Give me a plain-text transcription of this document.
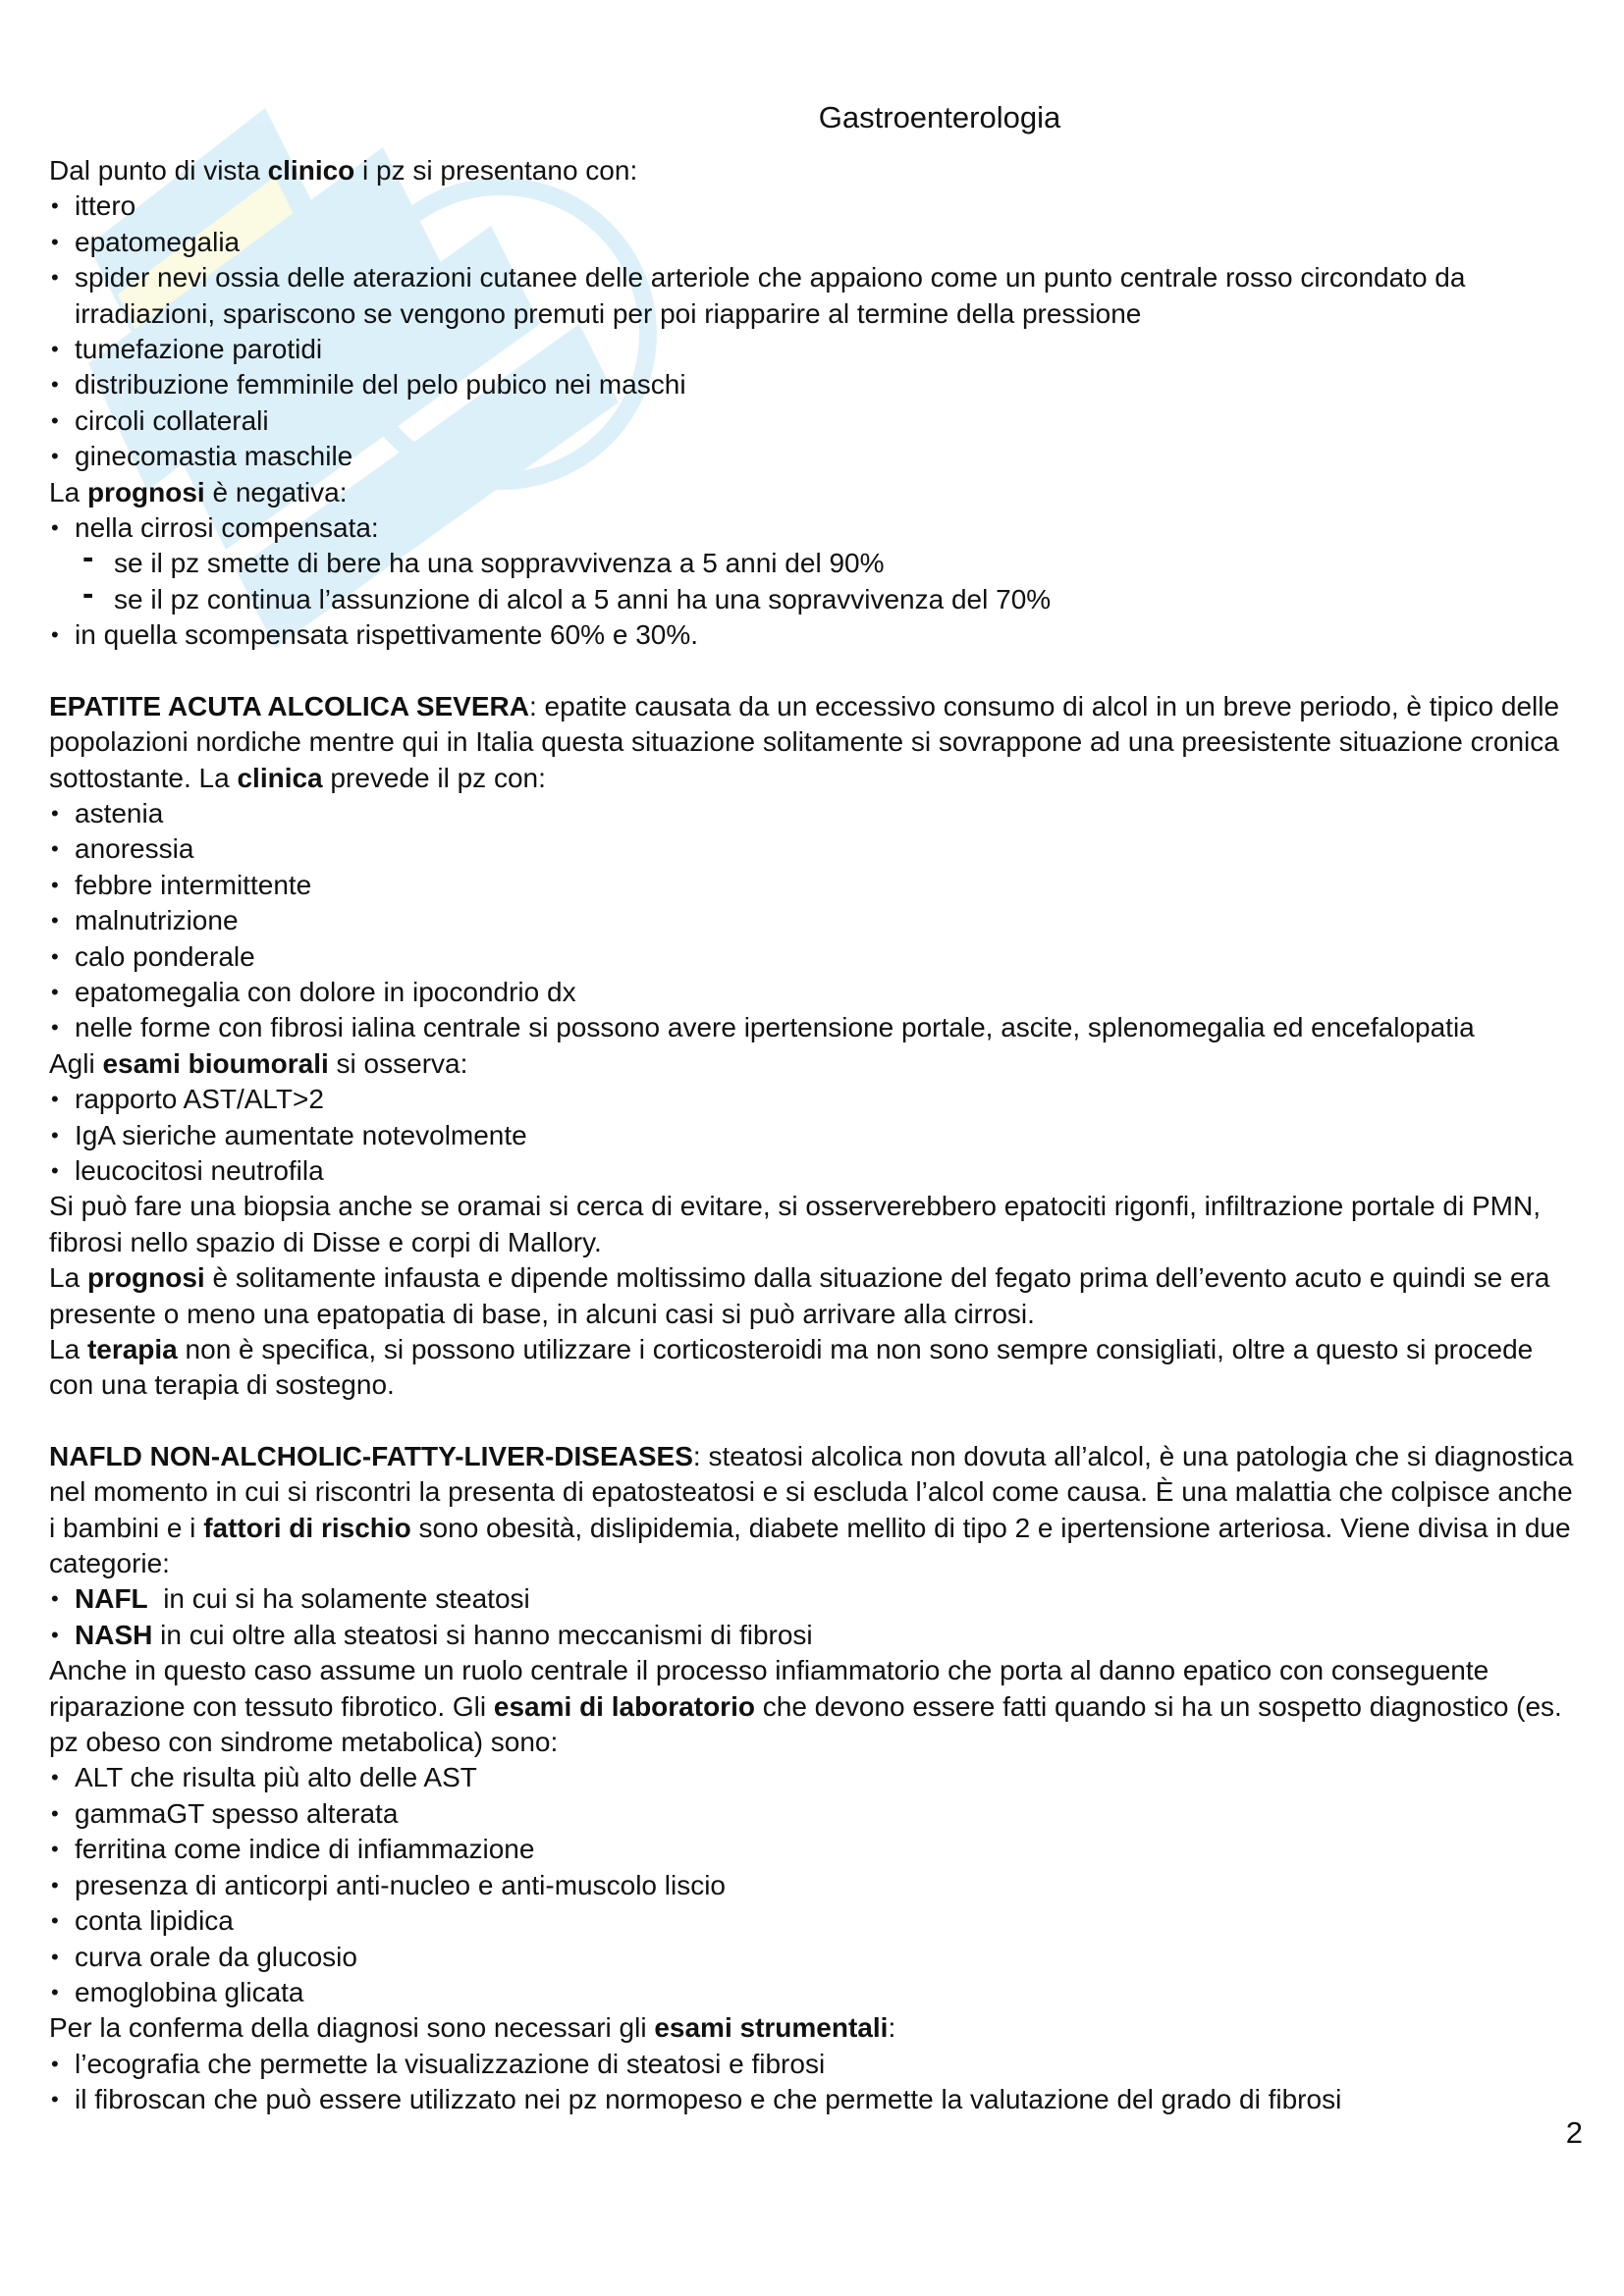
Gastroenterologia

Dal punto di vista clinico i pz si presentano con:

• ittero

• epatomegalia

• spider nevi ossia delle aterazioni cutanee delle arteriole che appaiono come un punto centrale rosso circondato da irradiazioni, spariscono se vengono premuti per poi riapparire al termine della pressione

• tumefazione parotidi

• distribuzione femminile del pelo pubico nei maschi

• circoli collaterali

• ginecomastia maschile

La prognosi è negativa:

• nella cirrosi compensata:

- se il pz smette di bere ha una soppravvivenza a 5 anni del 90%

- se il pz continua l’assunzione di alcol a 5 anni ha una sopravvivenza del 70%

• in quella scompensata rispettivamente 60% e 30%.

EPATITE ACUTA ALCOLICA SEVERA: epatite causata da un eccessivo consumo di alcol in un breve periodo, è tipico delle popolazioni nordiche mentre qui in Italia questa situazione solitamente si sovrappone ad una preesistente situazione cronica sottostante. La clinica prevede il pz con:

• astenia

• anoressia

• febbre intermittente

• malnutrizione

• calo ponderale

• epatomegalia con dolore in ipocondrio dx

• nelle forme con fibrosi ialina centrale si possono avere ipertensione portale, ascite, splenomegalia ed encefalopatia

Agli esami bioumorali si osserva:

• rapporto AST/ALT>2

• IgA sieriche aumentate notevolmente

• leucocitosi neutrofila

Si può fare una biopsia anche se oramai si cerca di evitare, si osserverebbero epatociti rigonfi, infiltrazione portale di PMN, fibrosi nello spazio di Disse e corpi di Mallory.

La prognosi è solitamente infausta e dipende moltissimo dalla situazione del fegato prima dell’evento acuto e quindi se era presente o meno una epatopatia di base, in alcuni casi si può arrivare alla cirrosi.

La terapia non è specifica, si possono utilizzare i corticosteroidi ma non sono sempre consigliati, oltre a questo si procede con una terapia di sostegno.

NAFLD NON-ALCHOLIC-FATTY-LIVER-DISEASES: steatosi alcolica non dovuta all’alcol, è una patologia che si diagnostica nel momento in cui si riscontri la presenta di epatosteatosi e si escluda l’alcol come causa. È una malattia che colpisce anche i bambini e i fattori di rischio sono obesità, dislipidemia, diabete mellito di tipo 2 e ipertensione arteriosa. Viene divisa in due categorie:

• NAFL  in cui si ha solamente steatosi

• NASH in cui oltre alla steatosi si hanno meccanismi di fibrosi

Anche in questo caso assume un ruolo centrale il processo infiammatorio che porta al danno epatico con conseguente riparazione con tessuto fibrotico. Gli esami di laboratorio che devono essere fatti quando si ha un sospetto diagnostico (es. pz obeso con sindrome metabolica) sono:

• ALT che risulta più alto delle AST

• gammaGT spesso alterata

• ferritina come indice di infiammazione

• presenza di anticorpi anti-nucleo e anti-muscolo liscio

• conta lipidica

• curva orale da glucosio

• emoglobina glicata

Per la conferma della diagnosi sono necessari gli esami strumentali:

• l’ecografia che permette la visualizzazione di steatosi e fibrosi

• il fibroscan che può essere utilizzato nei pz normopeso e che permette la valutazione del grado di fibrosi

2
